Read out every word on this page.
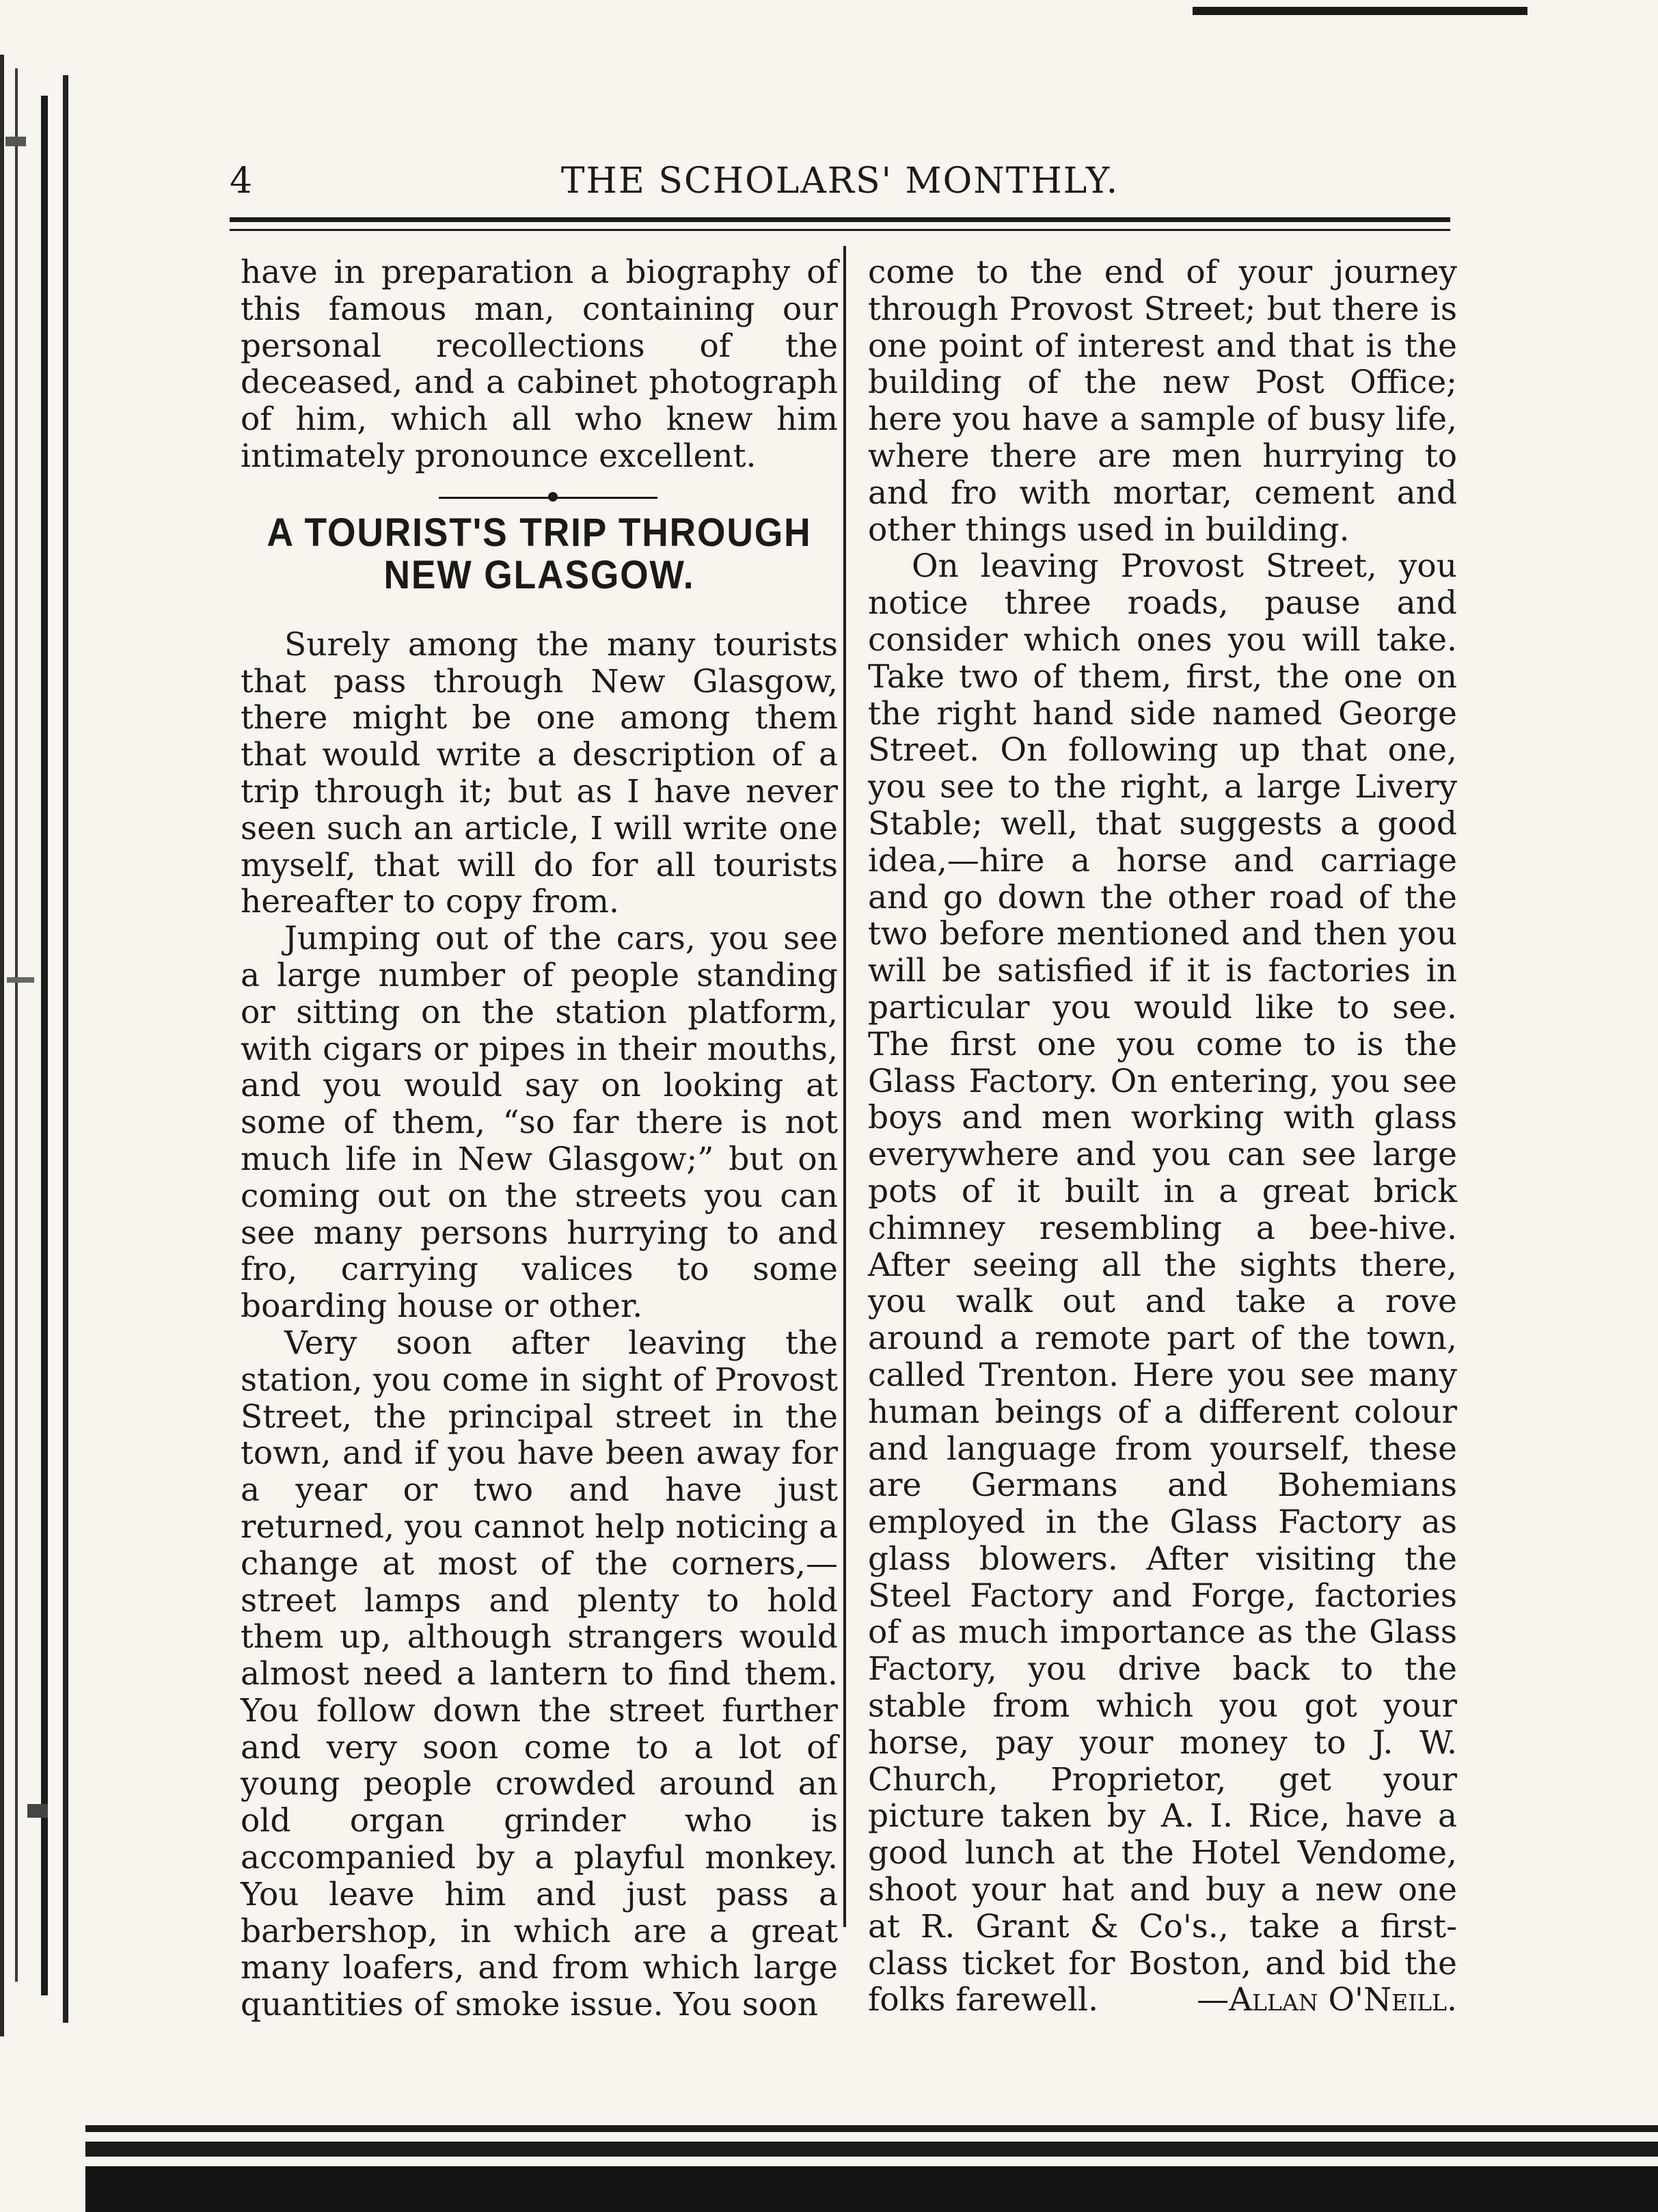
4	THE SCHOLARS' MONTHLY.

have in preparation a biography of this famous man, containing our personal recollections of the deceased, and a cabinet photograph of him, which all who knew him intimately pronounce excellent.

A TOURIST'S TRIP THROUGH
NEW GLASGOW.

Surely among the many tourists that pass through New Glasgow, there might be one among them that would write a description of a trip through it; but as I have never seen such an article, I will write one myself, that will do for all tourists hereafter to copy from.

Jumping out of the cars, you see a large number of people standing or sitting on the station platform, with cigars or pipes in their mouths, and you would say on looking at some of them, “so far there is not much life in New Glasgow;” but on coming out on the streets you can see many persons hurrying to and fro, carrying valices to some boarding house or other.

Very soon after leaving the station, you come in sight of Provost Street, the principal street in the town, and if you have been away for a year or two and have just returned, you cannot help noticing a change at most of the corners,—street lamps and plenty to hold them up, although strangers would almost need a lantern to find them. You follow down the street further and very soon come to a lot of young people crowded around an old organ grinder who is accompanied by a playful monkey. You leave him and just pass a barbershop, in which are a great many loafers, and from which large quantities of smoke issue. You soon

come to the end of your journey through Provost Street; but there is one point of interest and that is the building of the new Post Office; here you have a sample of busy life, where there are men hurrying to and fro with mortar, cement and other things used in building.

On leaving Provost Street, you notice three roads, pause and consider which ones you will take. Take two of them, first, the one on the right hand side named George Street. On following up that one, you see to the right, a large Livery Stable; well, that suggests a good idea,—hire a horse and carriage and go down the other road of the two before mentioned and then you will be satisfied if it is factories in particular you would like to see. The first one you come to is the Glass Factory. On entering, you see boys and men working with glass everywhere and you can see large pots of it built in a great brick chimney resembling a bee-hive. After seeing all the sights there, you walk out and take a rove around a remote part of the town, called Trenton. Here you see many human beings of a different colour and language from yourself, these are Germans and Bohemians employed in the Glass Factory as glass blowers. After visiting the Steel Factory and Forge, factories of as much importance as the Glass Factory, you drive back to the stable from which you got your horse, pay your money to J. W. Church, Proprietor, get your picture taken by A. I. Rice, have a good lunch at the Hotel Vendome, shoot your hat and buy a new one at R. Grant & Co's., take a first-class ticket for Boston, and bid the folks farewell.	—Allan O'Neill.
